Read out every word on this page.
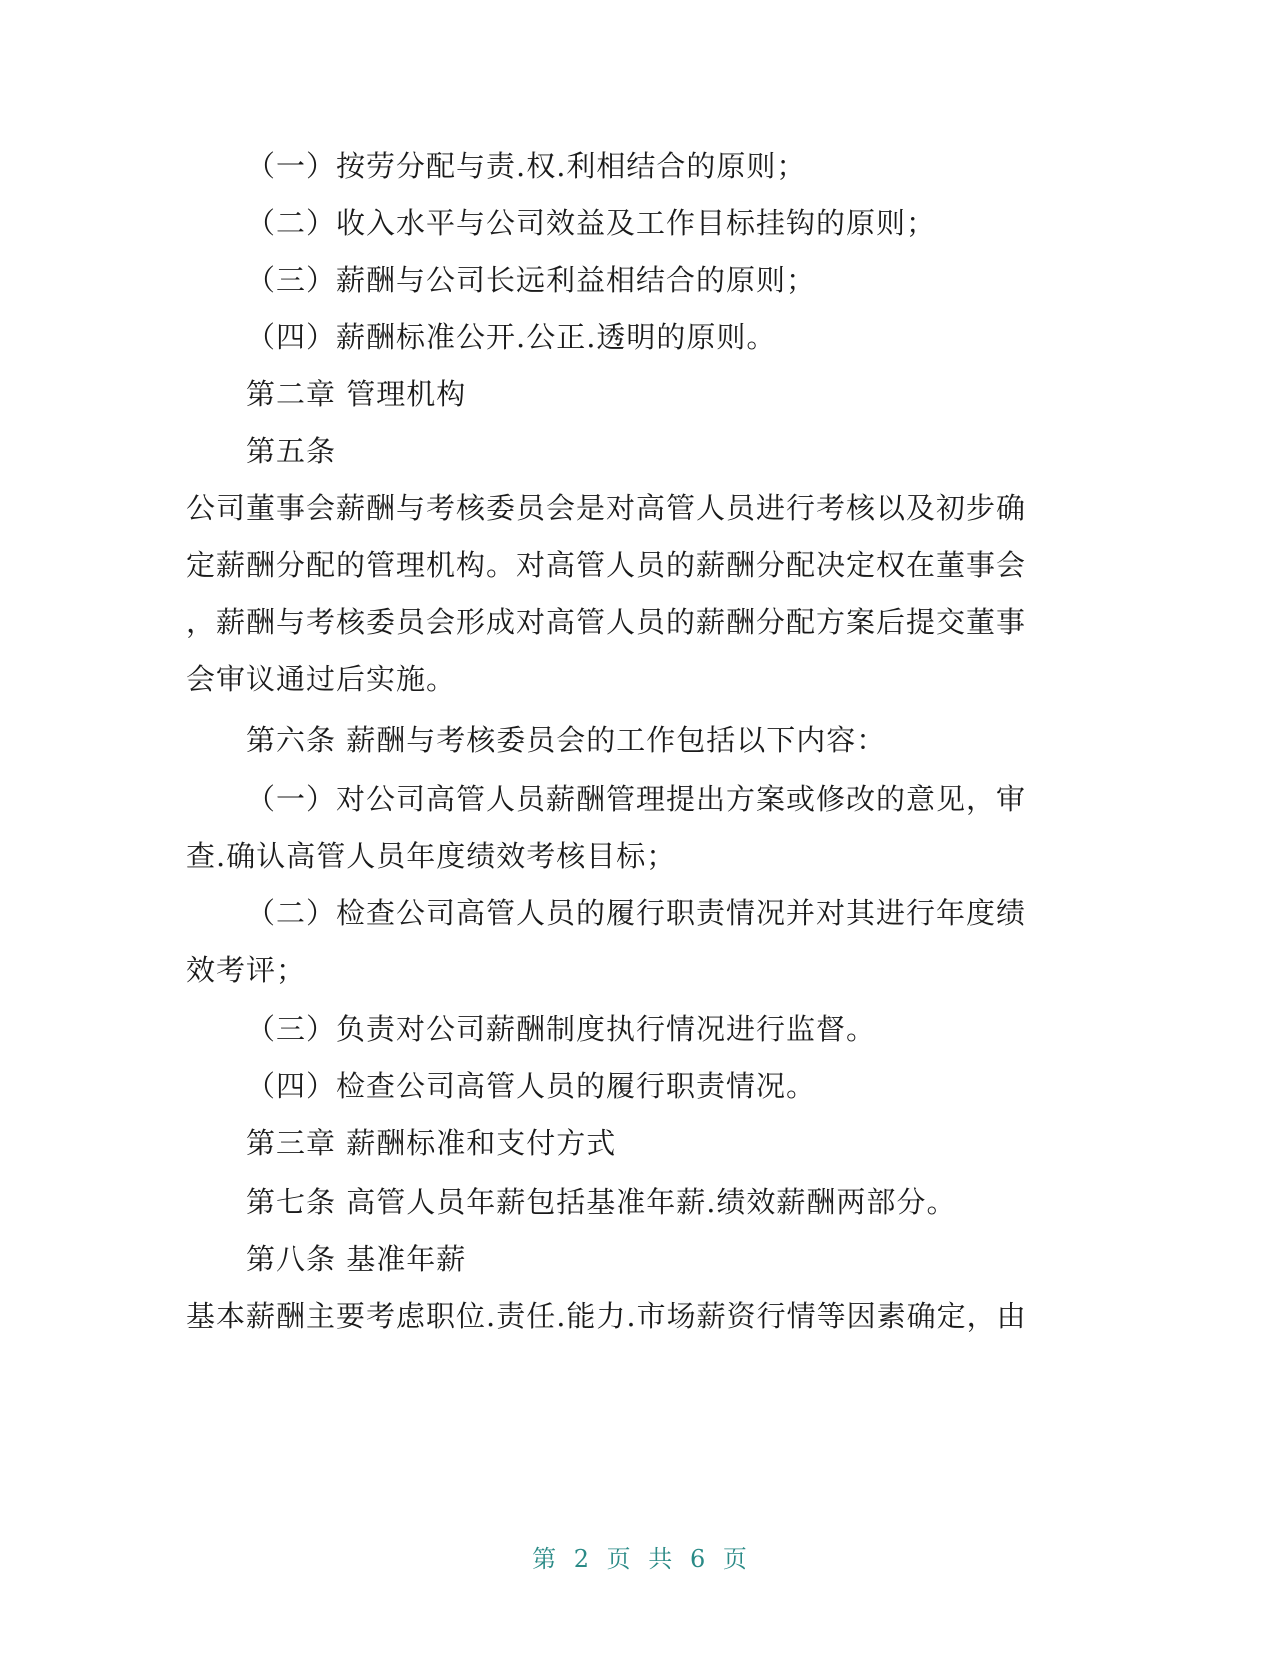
（一）按劳分配与责.权.利相结合的原则；
（二）收入水平与公司效益及工作目标挂钩的原则；
（三）薪酬与公司长远利益相结合的原则；
（四）薪酬标准公开.公正.透明的原则。
第二章 管理机构
第五条
公司董事会薪酬与考核委员会是对高管人员进行考核以及初步确
定薪酬分配的管理机构。对高管人员的薪酬分配决定权在董事会
，薪酬与考核委员会形成对高管人员的薪酬分配方案后提交董事
会审议通过后实施。
第六条 薪酬与考核委员会的工作包括以下内容：
（一）对公司高管人员薪酬管理提出方案或修改的意见，审
查.确认高管人员年度绩效考核目标；
（二）检查公司高管人员的履行职责情况并对其进行年度绩
效考评；
（三）负责对公司薪酬制度执行情况进行监督。
（四）检查公司高管人员的履行职责情况。
第三章 薪酬标准和支付方式
第七条 高管人员年薪包括基准年薪.绩效薪酬两部分。
第八条 基准年薪
基本薪酬主要考虑职位.责任.能力.市场薪资行情等因素确定，由
第 2 页 共 6 页
